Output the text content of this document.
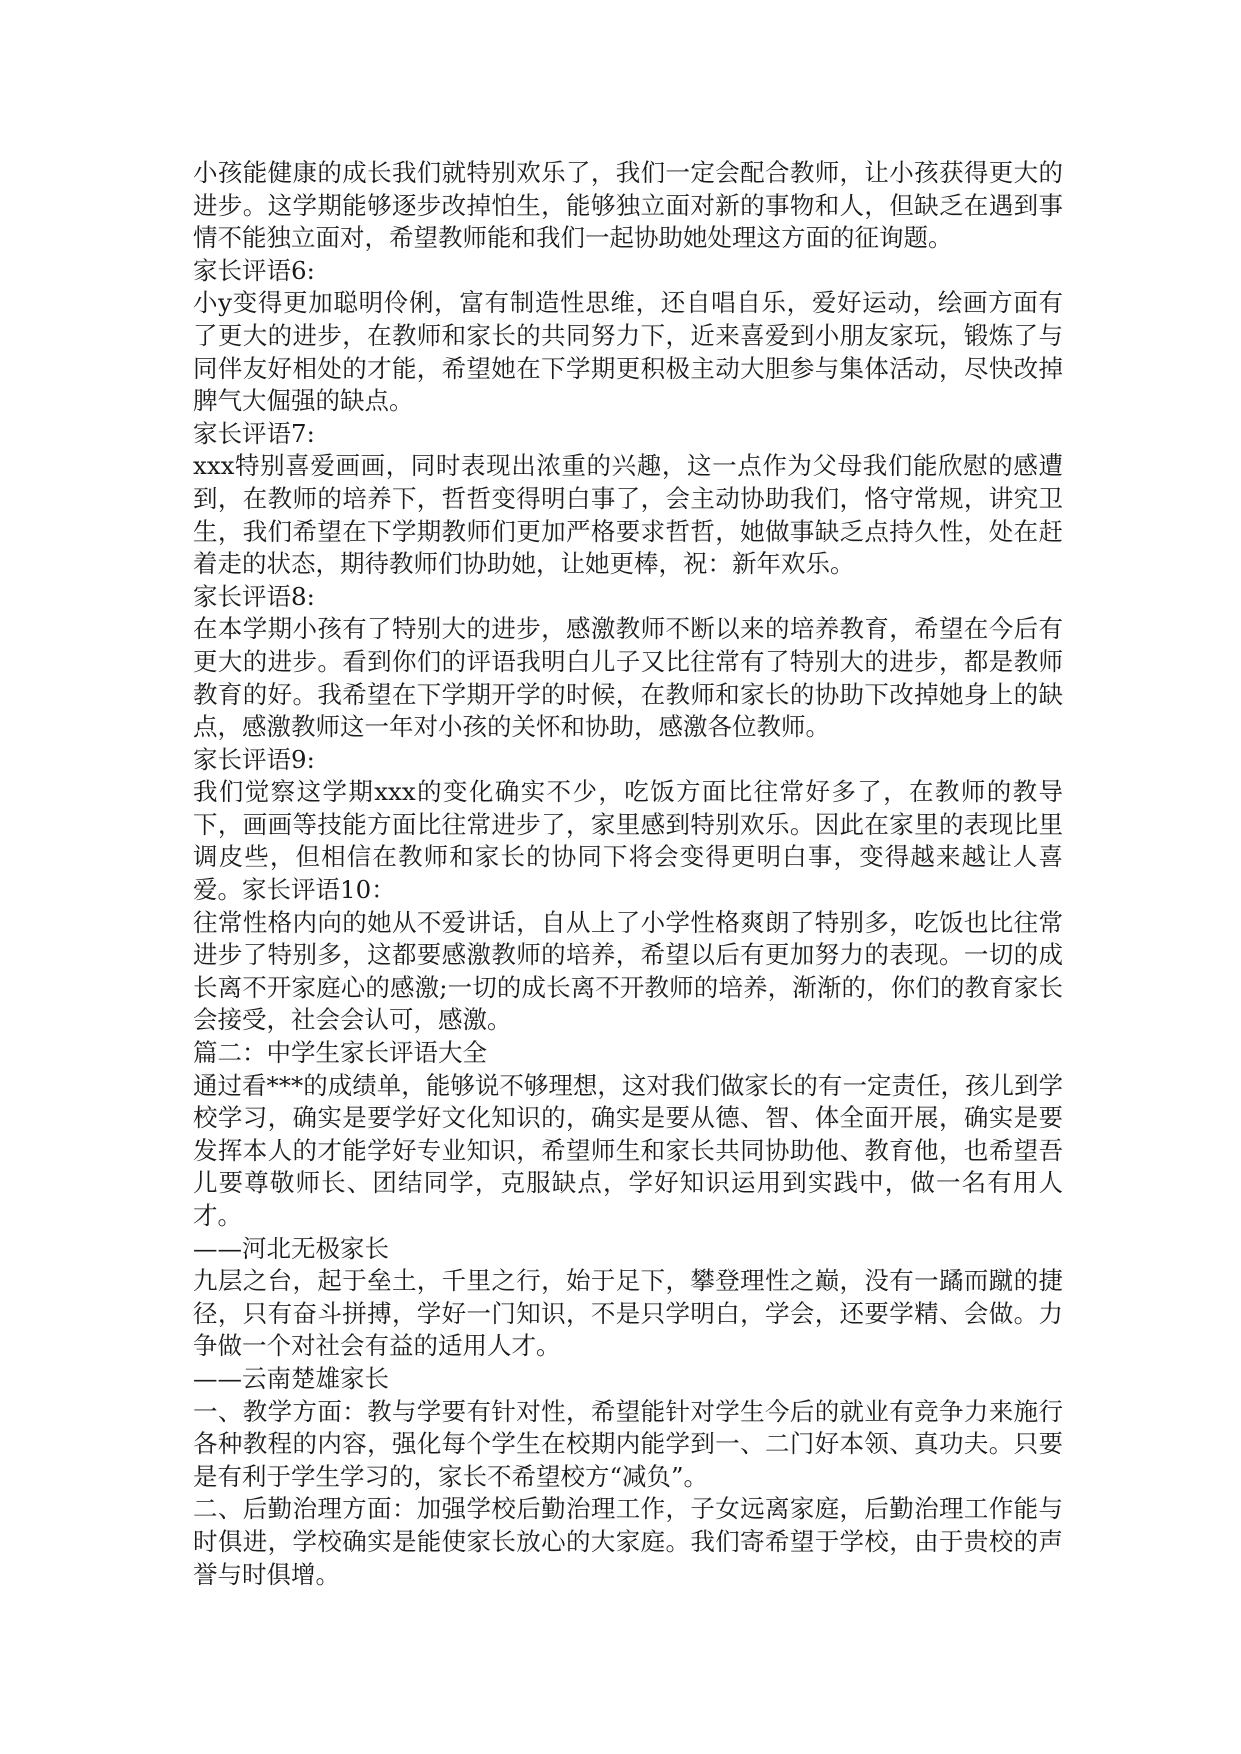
小孩能健康的成长我们就特别欢乐了，我们一定会配合教师，让小孩获得更大的进步。这学期能够逐步改掉怕生，能够独立面对新的事物和人，但缺乏在遇到事情不能独立面对，希望教师能和我们一起协助她处理这方面的征询题。

家长评语6:

小y变得更加聪明伶俐，富有制造性思维，还自唱自乐，爱好运动，绘画方面有了更大的进步，在教师和家长的共同努力下，近来喜爱到小朋友家玩，锻炼了与同伴友好相处的才能，希望她在下学期更积极主动大胆参与集体活动，尽快改掉脾气大倔强的缺点。

家长评语7:

xxx特别喜爱画画，同时表现出浓重的兴趣，这一点作为父母我们能欣慰的感遭到，在教师的培养下，哲哲变得明白事了，会主动协助我们，恪守常规，讲究卫生，我们希望在下学期教师们更加严格要求哲哲，她做事缺乏点持久性，处在赶着走的状态，期待教师们协助她，让她更棒，祝：新年欢乐。

家长评语8:

在本学期小孩有了特别大的进步，感激教师不断以来的培养教育，希望在今后有更大的进步。看到你们的评语我明白儿子又比往常有了特别大的进步，都是教师教育的好。我希望在下学期开学的时候，在教师和家长的协助下改掉她身上的缺点，感激教师这一年对小孩的关怀和协助，感激各位教师。

家长评语9:

我们觉察这学期xxx的变化确实不少，吃饭方面比往常好多了，在教师的教导下，画画等技能方面比往常进步了，家里感到特别欢乐。因此在家里的表现比里调皮些，但相信在教师和家长的协同下将会变得更明白事，变得越来越让人喜爱。家长评语10：

往常性格内向的她从不爱讲话，自从上了小学性格爽朗了特别多，吃饭也比往常进步了特别多，这都要感激教师的培养，希望以后有更加努力的表现。一切的成长离不开家庭心的感激;一切的成长离不开教师的培养，渐渐的，你们的教育家长会接受，社会会认可，感激。

篇二：中学生家长评语大全

通过看***的成绩单，能够说不够理想，这对我们做家长的有一定责任，孩儿到学校学习，确实是要学好文化知识的，确实是要从德、智、体全面开展，确实是要发挥本人的才能学好专业知识，希望师生和家长共同协助他、教育他，也希望吾儿要尊敬师长、团结同学，克服缺点，学好知识运用到实践中，做一名有用人才。

——河北无极家长

九层之台，起于垒土，千里之行，始于足下，攀登理性之巅，没有一蹫而蹴的捷径，只有奋斗拼搏，学好一门知识，不是只学明白，学会，还要学精、会做。力争做一个对社会有益的适用人才。

——云南楚雄家长

一、教学方面：教与学要有针对性，希望能针对学生今后的就业有竞争力来施行各种教程的内容，强化每个学生在校期内能学到一、二门好本领、真功夫。只要是有利于学生学习的，家长不希望校方“减负”。

二、后勤治理方面：加强学校后勤治理工作，子女远离家庭，后勤治理工作能与时俱进，学校确实是能使家长放心的大家庭。我们寄希望于学校，由于贵校的声誉与时俱增。
